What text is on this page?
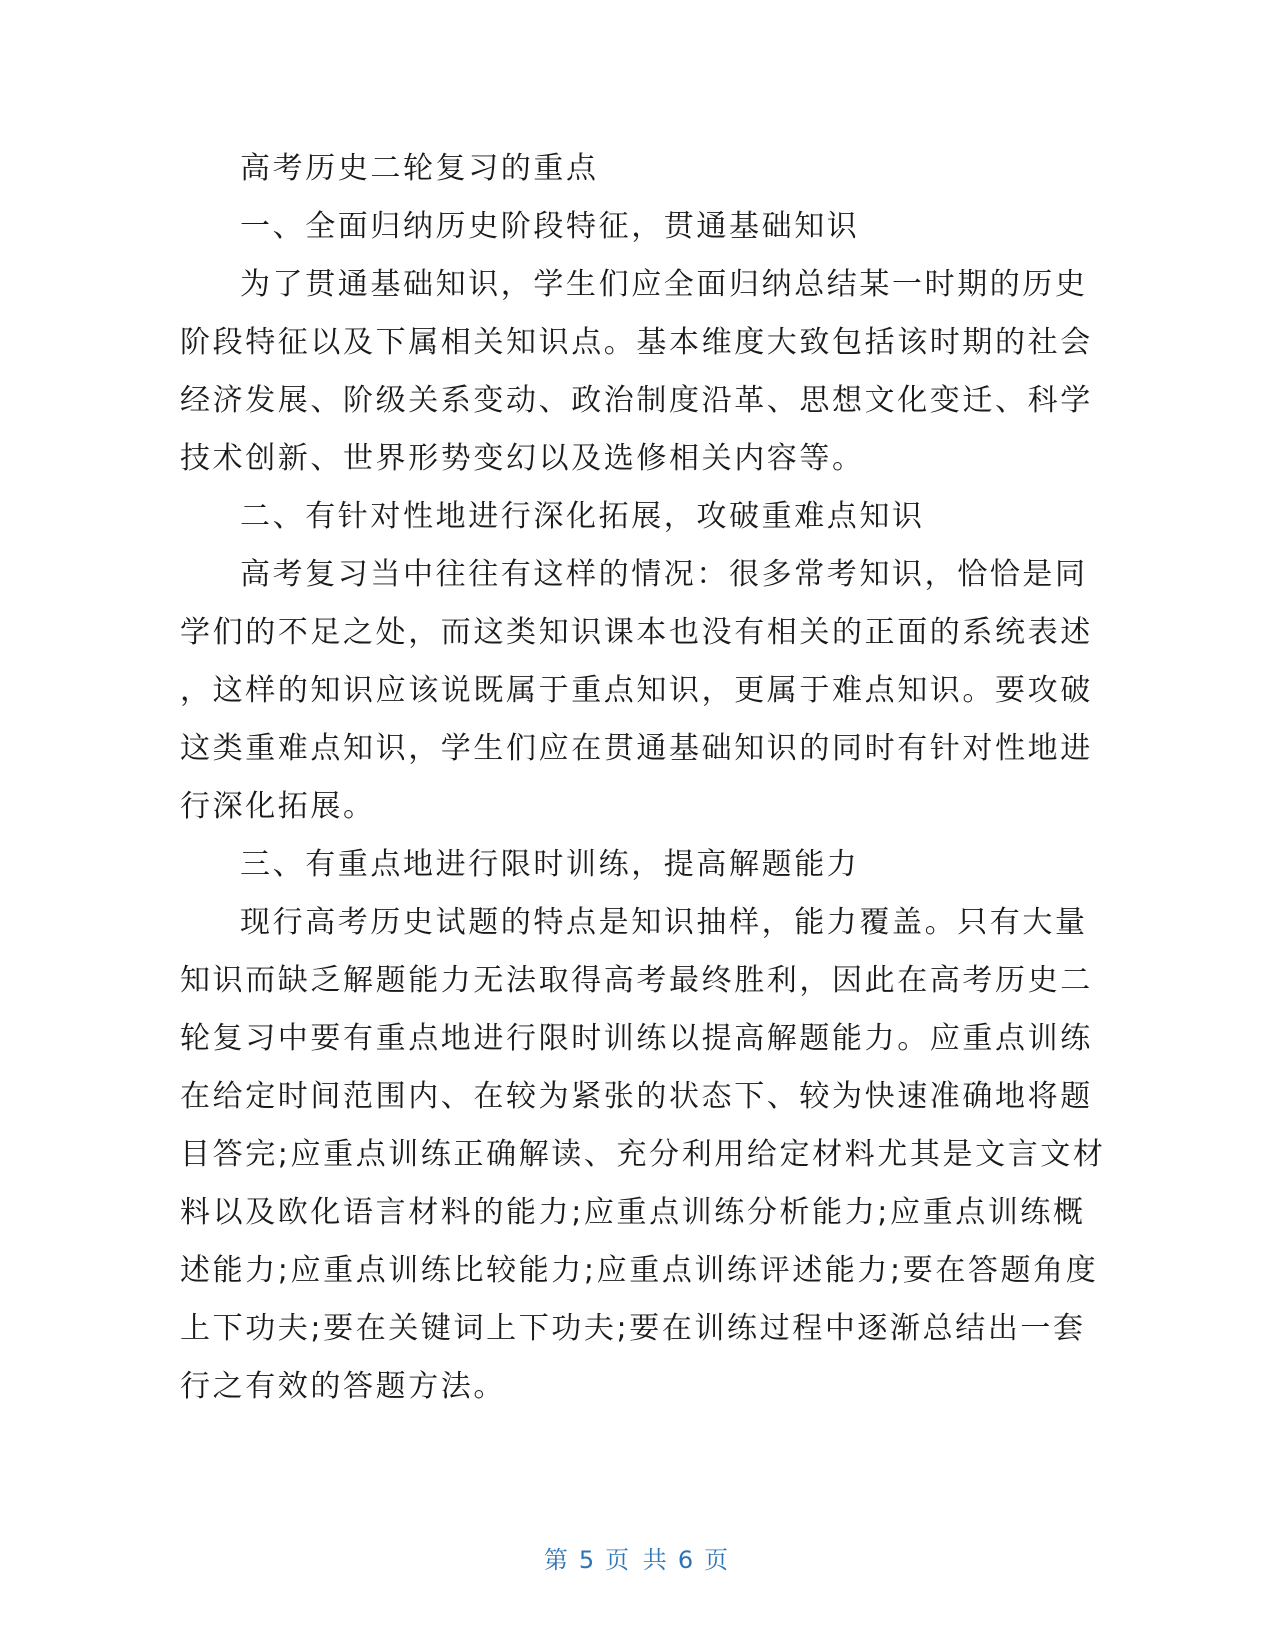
高考历史二轮复习的重点
一、全面归纳历史阶段特征，贯通基础知识
为了贯通基础知识，学生们应全面归纳总结某一时期的历史
阶段特征以及下属相关知识点。基本维度大致包括该时期的社会
经济发展、阶级关系变动、政治制度沿革、思想文化变迁、科学
技术创新、世界形势变幻以及选修相关内容等。
二、有针对性地进行深化拓展，攻破重难点知识
高考复习当中往往有这样的情况：很多常考知识，恰恰是同
学们的不足之处，而这类知识课本也没有相关的正面的系统表述
，这样的知识应该说既属于重点知识，更属于难点知识。要攻破
这类重难点知识，学生们应在贯通基础知识的同时有针对性地进
行深化拓展。
三、有重点地进行限时训练，提高解题能力
现行高考历史试题的特点是知识抽样，能力覆盖。只有大量
知识而缺乏解题能力无法取得高考最终胜利，因此在高考历史二
轮复习中要有重点地进行限时训练以提高解题能力。应重点训练
在给定时间范围内、在较为紧张的状态下、较为快速准确地将题
目答完;应重点训练正确解读、充分利用给定材料尤其是文言文材
料以及欧化语言材料的能力;应重点训练分析能力;应重点训练概
述能力;应重点训练比较能力;应重点训练评述能力;要在答题角度
上下功夫;要在关键词上下功夫;要在训练过程中逐渐总结出一套
行之有效的答题方法。
第 5 页 共 6 页
